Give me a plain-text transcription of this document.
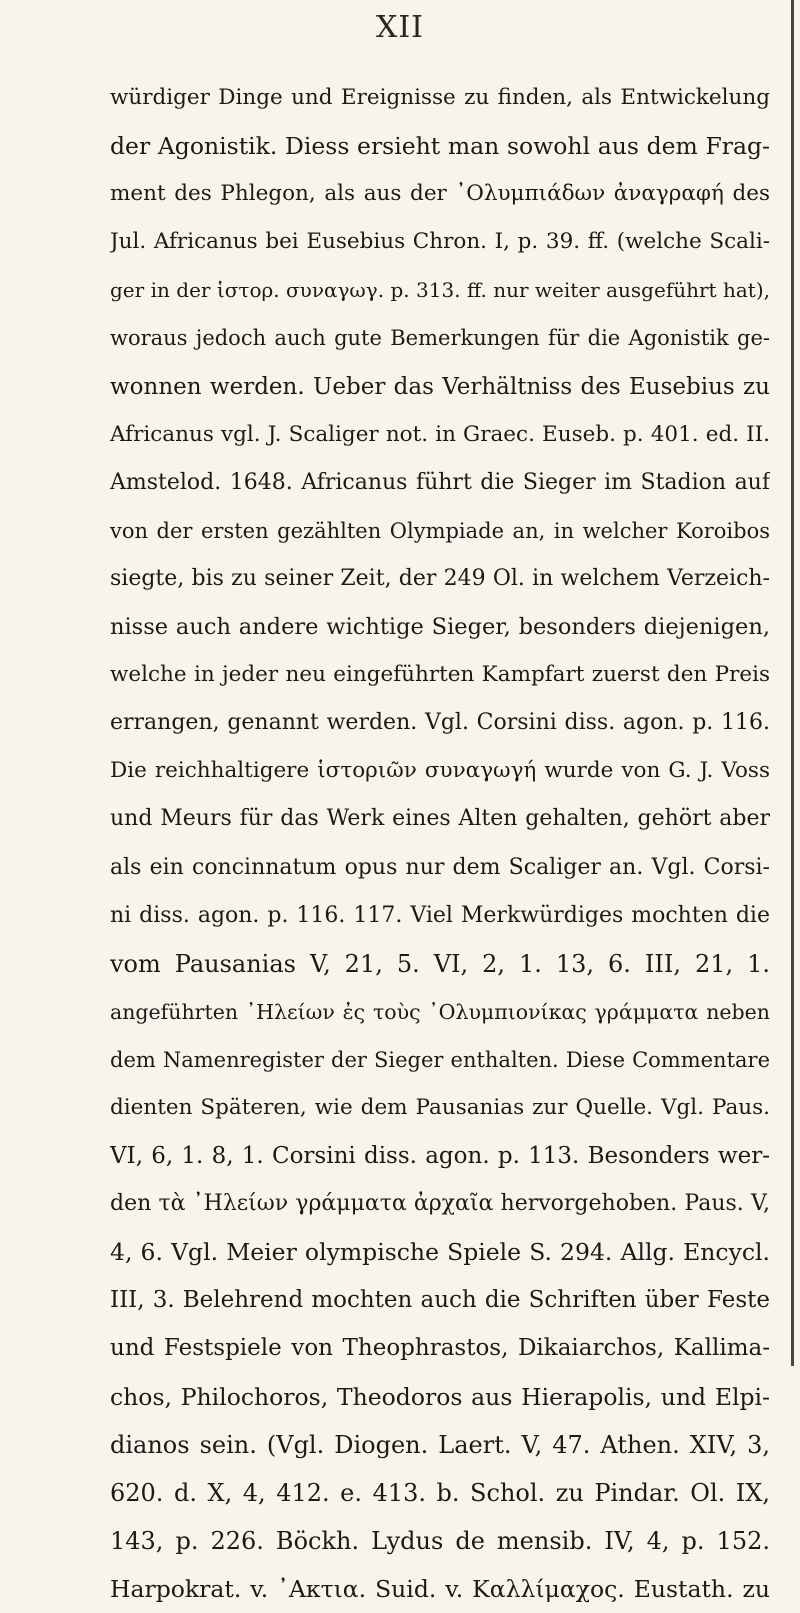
XII
würdiger Dinge und Ereignisse zu finden, als Entwickelung
der Agonistik. Diess ersieht man sowohl aus dem Frag-
ment des Phlegon, als aus der ᾿Ολυμπιάδων ἀναγραφή des
Jul. Africanus bei Eusebius Chron. I, p. 39. ff. (welche Scali-
ger in der ἱστορ. συναγωγ. p. 313. ff. nur weiter ausgeführt hat),
woraus jedoch auch gute Bemerkungen für die Agonistik ge-
wonnen werden. Ueber das Verhältniss des Eusebius zu
Africanus vgl. J. Scaliger not. in Graec. Euseb. p. 401. ed. II.
Amstelod. 1648. Africanus führt die Sieger im Stadion auf
von der ersten gezählten Olympiade an, in welcher Koroibos
siegte, bis zu seiner Zeit, der 249 Ol. in welchem Verzeich-
nisse auch andere wichtige Sieger, besonders diejenigen,
welche in jeder neu eingeführten Kampfart zuerst den Preis
errangen, genannt werden. Vgl. Corsini diss. agon. p. 116.
Die reichhaltigere ἱστοριῶν συναγωγή wurde von G. J. Voss
und Meurs für das Werk eines Alten gehalten, gehört aber
als ein concinnatum opus nur dem Scaliger an. Vgl. Corsi-
ni diss. agon. p. 116. 117. Viel Merkwürdiges mochten die
vom Pausanias V, 21, 5. VI, 2, 1. 13, 6. III, 21, 1.
angeführten ᾿Ηλείων ἐς τοὺς ᾿Ολυμπιονίκας γράμματα neben
dem Namenregister der Sieger enthalten. Diese Commentare
dienten Späteren, wie dem Pausanias zur Quelle. Vgl. Paus.
VI, 6, 1. 8, 1. Corsini diss. agon. p. 113. Besonders wer-
den τὰ ᾿Ηλείων γράμματα ἀρχαῖα hervorgehoben. Paus. V,
4, 6. Vgl. Meier olympische Spiele S. 294. Allg. Encycl.
III, 3. Belehrend mochten auch die Schriften über Feste
und Festspiele von Theophrastos, Dikaiarchos, Kallima-
chos, Philochoros, Theodoros aus Hierapolis, und Elpi-
dianos sein. (Vgl. Diogen. Laert. V, 47. Athen. XIV, 3,
620. d. X, 4, 412. e. 413. b. Schol. zu Pindar. Ol. IX,
143, p. 226. Böckh. Lydus de mensib. IV, 4, p. 152.
Harpokrat. v. ᾿Ακτια. Suid. v. Καλλίμαχος. Eustath. zu
